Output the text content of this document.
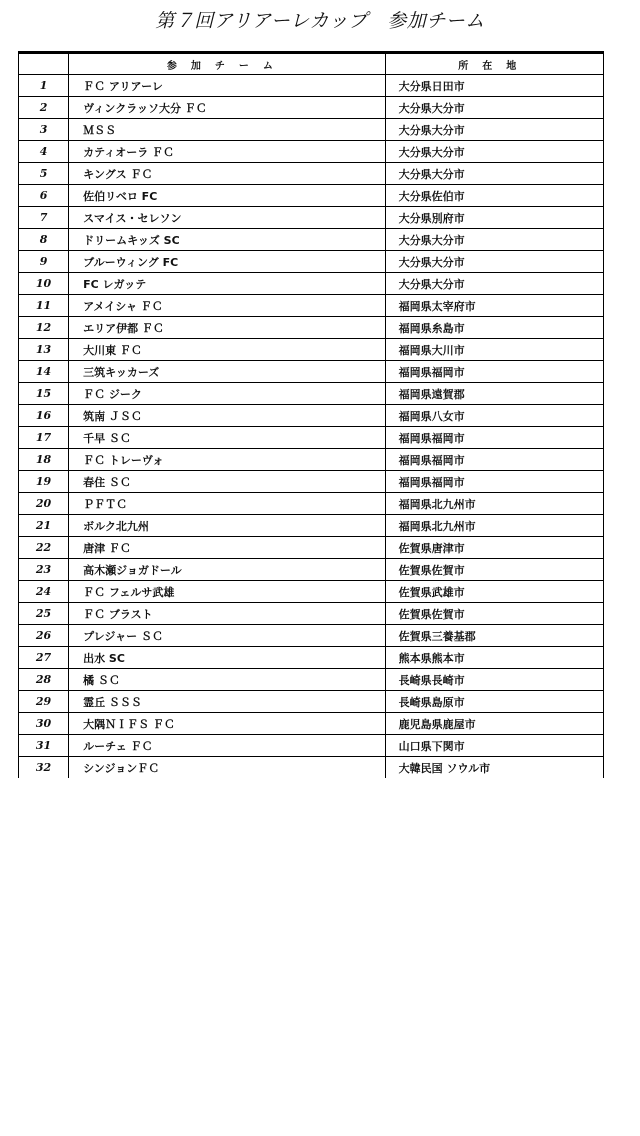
第７回アリアーレカップ　参加チーム
	参加チーム	所在地
1	ＦＣ アリアーレ	大分県日田市
2	ヴィンクラッソ大分 ＦＣ	大分県大分市
3	ＭＳＳ	大分県大分市
4	カティオーラ ＦＣ	大分県大分市
5	キングス ＦＣ	大分県大分市
6	佐伯リベロ FC	大分県佐伯市
7	スマイス・セレソン	大分県別府市
8	ドリームキッズ SC	大分県大分市
9	ブルーウィング FC	大分県大分市
10	FC レガッテ	大分県大分市
11	アメイシャ ＦＣ	福岡県太宰府市
12	エリア伊都 ＦＣ	福岡県糸島市
13	大川東 ＦＣ	福岡県大川市
14	三筑キッカーズ	福岡県福岡市
15	ＦＣ ジーク	福岡県遠賀郡
16	筑南 ＪＳＣ	福岡県八女市
17	千早 ＳＣ	福岡県福岡市
18	ＦＣ トレーヴォ	福岡県福岡市
19	春住 ＳＣ	福岡県福岡市
20	ＰＦＴＣ	福岡県北九州市
21	ボルク北九州	福岡県北九州市
22	唐津 ＦＣ	佐賀県唐津市
23	高木瀬ジョガドール	佐賀県佐賀市
24	ＦＣ フェルサ武雄	佐賀県武雄市
25	ＦＣ ブラスト	佐賀県佐賀市
26	プレジャー ＳＣ	佐賀県三養基郡
27	出水 SC	熊本県熊本市
28	橘 ＳＣ	長崎県長崎市
29	霊丘 ＳＳＳ	長崎県島原市
30	大隅ＮＩＦＳ ＦＣ	鹿児島県鹿屋市
31	ルーチェ ＦＣ	山口県下関市
32	シンジョンＦＣ	大韓民国 ソウル市
